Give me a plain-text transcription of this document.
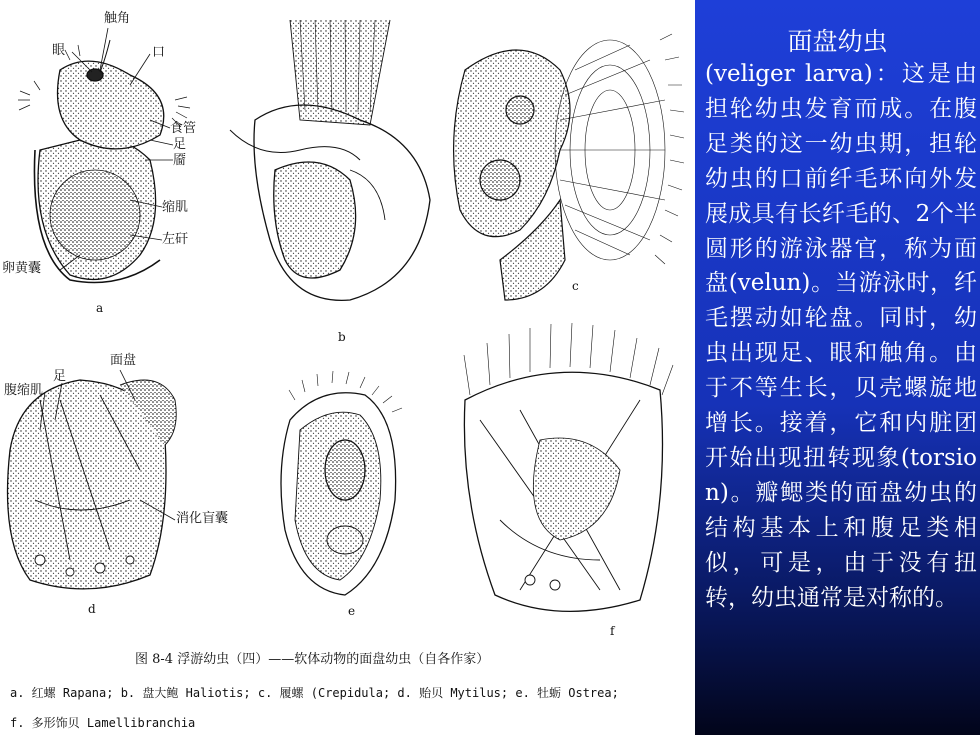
触角
眼	口
食管
足
靥
缩肌
左矸
卵黄囊
面盘
足
腹缩肌
消化盲囊
a
b
c
d	e
f
图 8-4 浮游幼虫（四）——软体动物的面盘幼虫（自各作家）
a. 红螺 Rapana; b. 盘大鲍 Haliotis; c. 履螺 (Crepidula; d. 贻贝 Mytilus; e. 牡蛎 Ostrea;
f. 多形饰贝 Lamellibranchia
面盘幼虫
(veliger larva)：这是由担轮幼虫发育而成。在腹足类的这一幼虫期，担轮幼虫的口前纤毛环向外发展成具有长纤毛的、2个半圆形的游泳器官，称为面盘(velun)。当游泳时，纤毛摆动如轮盘。同时，幼虫出现足、眼和触角。由于不等生长，贝壳螺旋地增长。接着，它和内脏团开始出现扭转现象(torsion)。瓣鳃类的面盘幼虫的结构基本上和腹足类相似，可是，由于没有扭转，幼虫通常是对称的。
